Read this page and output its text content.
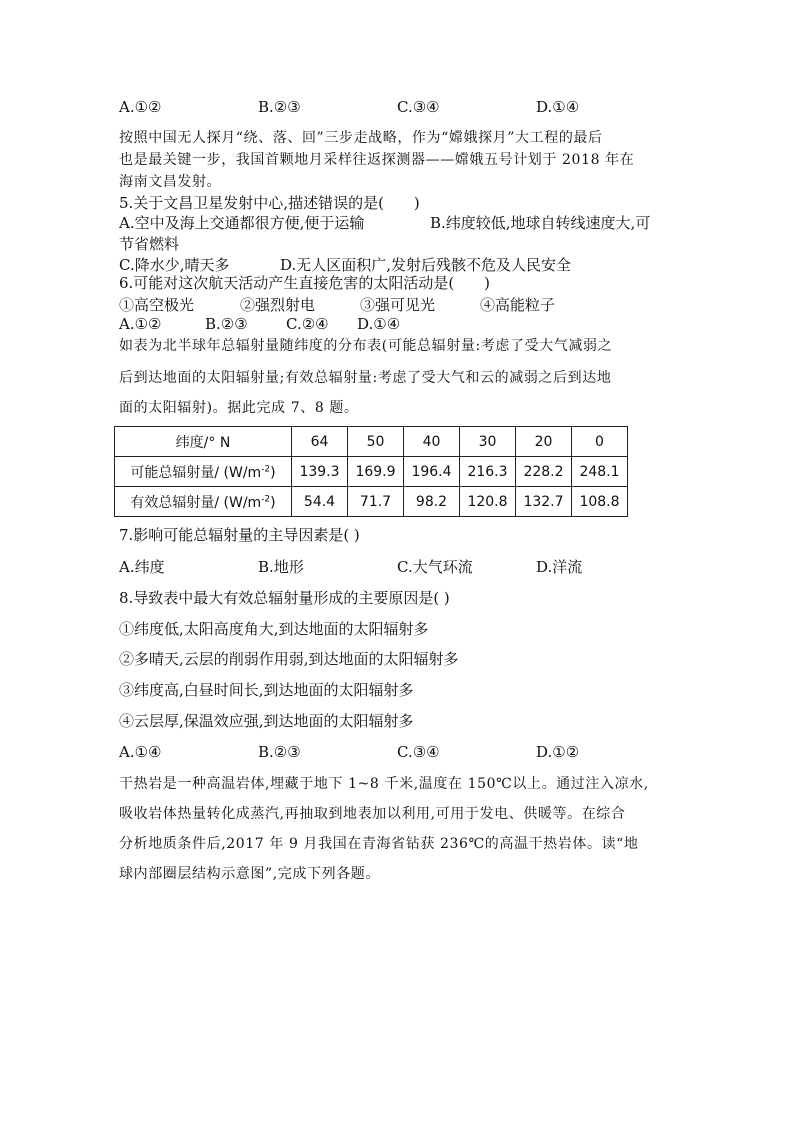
A.①②	B.②③	C.③④	D.①④
按照中国无人探月“绕、落、回”三步走战略，作为“嫦娥探月”大工程的最后
也是最关键一步，我国首颗地月采样往返探测器——嫦娥五号计划于 2018 年在
海南文昌发射。
5.关于文昌卫星发射中心,描述错误的是(　　)
A.空中及海上交通都很方便,便于运输	B.纬度较低,地球自转线速度大,可
节省燃料
C.降水少,晴天多	D.无人区面积广,发射后残骸不危及人民安全
6.可能对这次航天活动产生直接危害的太阳活动是(　　)
①高空极光	②强烈射电	③强可见光	④高能粒子
A.①②	B.②③	C.②④ D.①④
如表为北半球年总辐射量随纬度的分布表(可能总辐射量:考虑了受大气减弱之
后到达地面的太阳辐射量;有效总辐射量:考虑了受大气和云的减弱之后到达地
面的太阳辐射)。据此完成 7、8 题。
纬度/° N	64	50	40	30	20	0
可能总辐射量/ $(W/m^{-2})$	139.3	169.9	196.4	216.3	228.2	248.1
有效总辐射量/ $(W/m^{-2})$	54.4	71.7	98.2	120.8	132.7	108.8
7.影响可能总辐射量的主导因素是( )
A.纬度	B.地形	C.大气环流	D.洋流
8.导致表中最大有效总辐射量形成的主要原因是( )
①纬度低,太阳高度角大,到达地面的太阳辐射多
②多晴天,云层的削弱作用弱,到达地面的太阳辐射多
③纬度高,白昼时间长,到达地面的太阳辐射多
④云层厚,保温效应强,到达地面的太阳辐射多
A.①④	B.②③	C.③④	D.①②
干热岩是一种高温岩体,埋藏于地下 1~8 千米,温度在 150℃以上。通过注入凉水,
吸收岩体热量转化成蒸汽,再抽取到地表加以利用,可用于发电、供暖等。在综合
分析地质条件后,2017 年 9 月我国在青海省钻获 236℃的高温干热岩体。读“地
球内部圈层结构示意图”,完成下列各题。
